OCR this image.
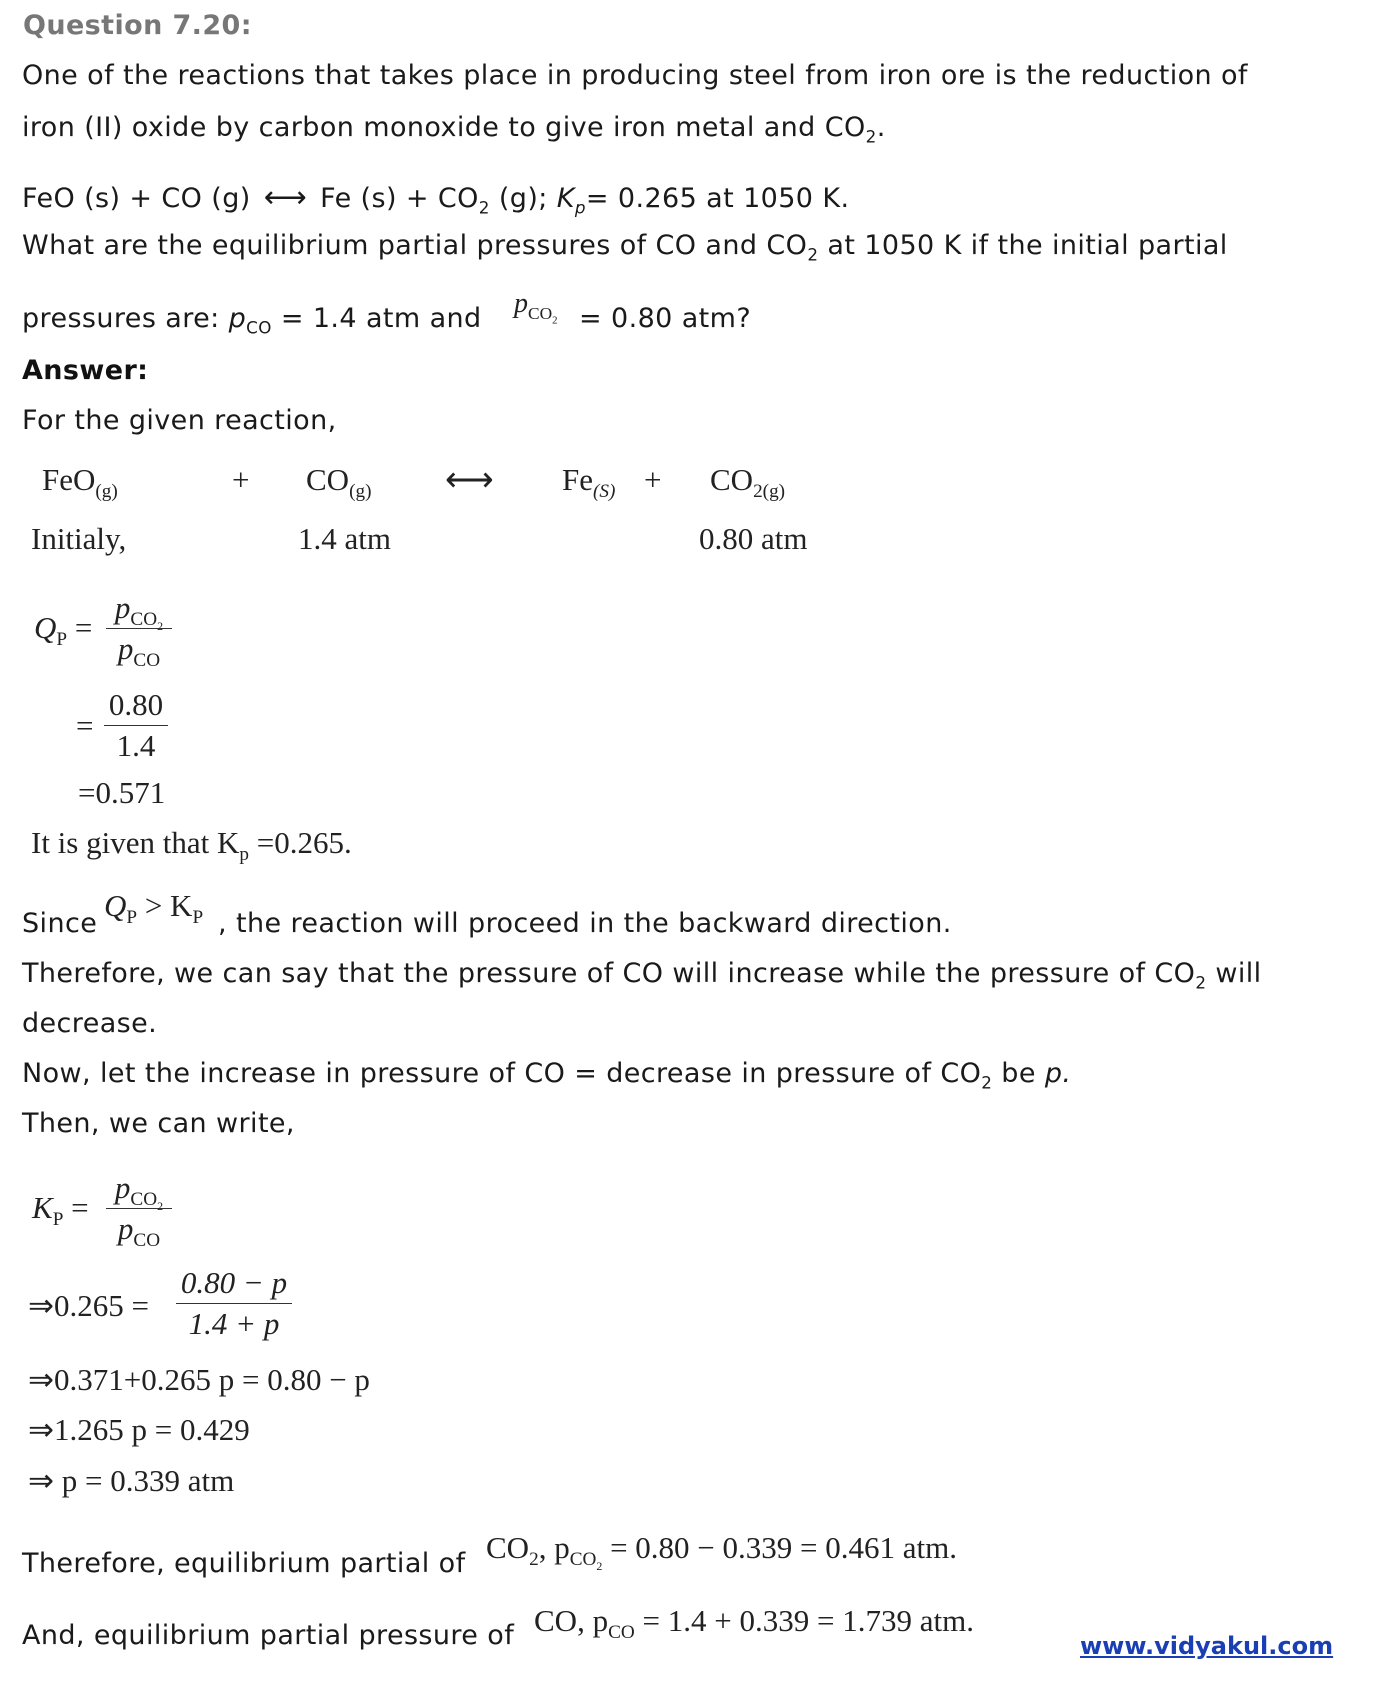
Question 7.20:
One of the reactions that takes place in producing steel from iron ore is the reduction of
iron (II) oxide by carbon monoxide to give iron metal and $CO_2$.
FeO (s) + CO (g) ⟷ Fe $(s) + CO_2$ (g); $K_p= 0.265$ at 1050 K.
What are the equilibrium partial pressures of CO and $CO_2$ at 1050 K if the initial partial
pressures are: $p_{CO} = 1.4$ atm and $p_{CO_2} = 0.80$ atm?
Answer:
For the given reaction,
FeO$_{(g)}$	+ $CO_{(g)}$ ⟷ $Fe_{(S)} + CO_{2(g)}$
Initialy,	1.4 atm	0.80 atm
$Q_P$ =
$p_{CO_2}$
$p_{CO}$
=
0.80
1.4
=0.571
It is given that $K_p =0.265$.
Since
$Q_P > K_P$ , the reaction will proceed in the backward direction.
Therefore, we can say that the pressure of CO will increase while the pressure of $CO_2$ will
decrease.
Now, let the increase in pressure of CO = decrease in pressure of $CO_2$ be p.
Then, we can write,
$K_P$ =
$p_{CO_2}$
$p_{CO}$
⇒0.265 =
0.80 − p
1.4 + p
⇒0.371+0.265 p = 0.80 − p
⇒1.265 p = 0.429
⇒ p = 0.339 atm
Therefore, equilibrium partial of $CO_2$, $p_{CO_2} = 0.80 - 0.339 = 0.461$ atm.
And, equilibrium partial pressure of CO, $p_{CO} = 1.4 + 0.339 = 1.739$ atm.
www.vidyakul.com
